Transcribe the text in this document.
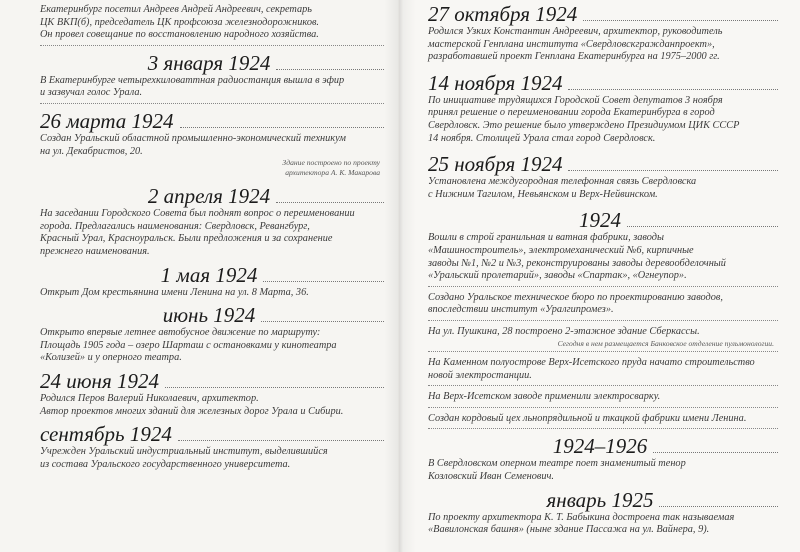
Екатеринбург посетил Андреев Андрей Андреевич, секретарь
ЦК ВКП(б), председатель ЦК профсоюза железнодорожников.
Он провел совещание по восстановлению народного хозяйства.
3 января 1924
В Екатеринбурге четырехкиловаттная радиостанция вышла в эфир
и зазвучал голос Урала.
26 марта 1924
Создан Уральский областной промышленно-экономический техникум
на ул. Декабристов, 20.
Здание построено по проекту
архитектора А. К. Макарова
2 апреля 1924
На заседании Городского Совета был поднят вопрос о переименовании
города. Предлагались наименования: Свердловск, Ревангбург,
Красный Урал, Красноуральск. Были предложения и за сохранение
прежнего наименования.
1 мая 1924
Открыт Дом крестьянина имени Ленина на ул. 8 Марта, 36.
июнь 1924
Открыто впервые летнее автобусное движение по маршруту:
Площадь 1905 года – озеро Шарташ с остановками у кинотеатра
«Колизей» и у оперного театра.
24 июня 1924
Родился Перов Валерий Николаевич, архитектор.
Автор проектов многих зданий для железных дорог Урала и Сибири.
сентябрь 1924
Учрежден Уральский индустриальный институт, выделившийся
из состава Уральского государственного университета.
27 октября 1924
Родился Узких Константин Андреевич, архитектор, руководитель
мастерской Генплана института «Свердловскгражданпроект»,
разработавшей проект Генплана Екатеринбурга на 1975–2000 гг.
14 ноября 1924
По инициативе трудящихся Городской Совет депутатов 3 ноября
принял решение о переименовании города Екатеринбурга в город
Свердловск. Это решение было утверждено Президиумом ЦИК СССР
14 ноября. Столицей Урала стал город Свердловск.
25 ноября 1924
Установлена междугородная телефонная связь Свердловска
с Нижним Тагилом, Невьянском и Верх-Нейвинском.
1924
Вошли в строй гранильная и ватная фабрики, заводы
«Машиностроитель», электромеханический №6, кирпичные
заводы №1, №2 и №3, реконструированы заводы деревообделочный
«Уральский пролетарий», заводы «Спартак», «Огнеупор».
Создано Уральское техническое бюро по проектированию заводов,
впоследствии институт «Уралгипромез».
На ул. Пушкина, 28 построено 2-этажное здание Сберкассы.
Сегодня в нем размещается Банковское отделение пульмонологии.
На Каменном полуострове Верх-Исетского пруда начато строительство
новой электростанции.
На Верх-Исетском заводе применили электросварку.
Создан кордовый цех льнопрядильной и ткацкой фабрики имени Ленина.
1924–1926
В Свердловском оперном театре поет знаменитый тенор
Козловский Иван Семенович.
январь 1925
По проекту архитектора К. Т. Бабыкина достроена так называемая
«Вавилонская башня» (ныне здание Пассажа на ул. Вайнера, 9).
